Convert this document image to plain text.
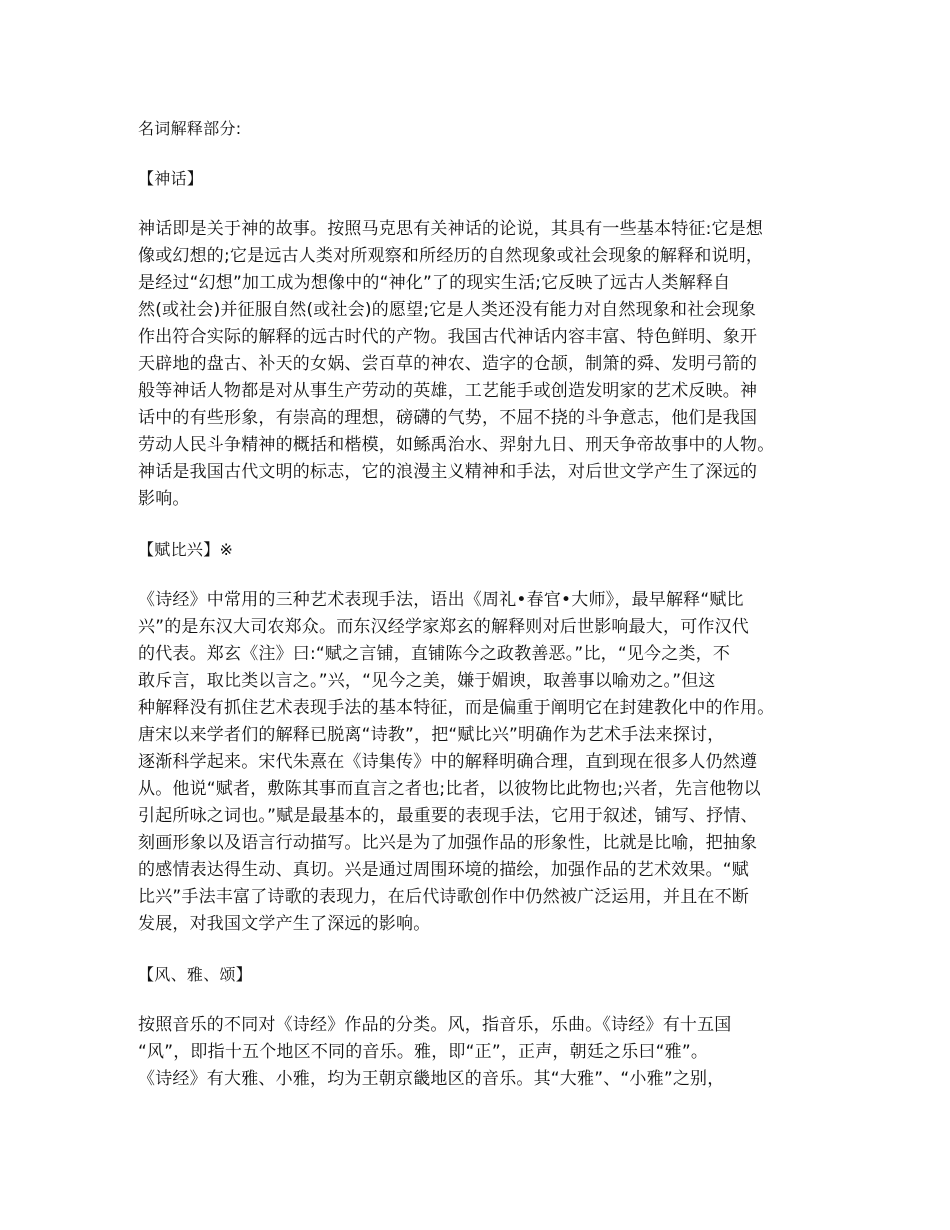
名词解释部分:
【神话】
神话即是关于神的故事。按照马克思有关神话的论说，其具有一些基本特征:它是想
像或幻想的;它是远古人类对所观察和所经历的自然现象或社会现象的解释和说明，
是经过“幻想”加工成为想像中的“神化”了的现实生活;它反映了远古人类解释自
然(或社会)并征服自然(或社会)的愿望;它是人类还没有能力对自然现象和社会现象
作出符合实际的解释的远古时代的产物。我国古代神话内容丰富、特色鲜明、象开
天辟地的盘古、补天的女娲、尝百草的神农、造字的仓颉，制箫的舜、发明弓箭的
般等神话人物都是对从事生产劳动的英雄，工艺能手或创造发明家的艺术反映。神
话中的有些形象，有崇高的理想，磅礴的气势，不屈不挠的斗争意志，他们是我国
劳动人民斗争精神的概括和楷模，如鲧禹治水、羿射九日、刑天争帝故事中的人物。
神话是我国古代文明的标志，它的浪漫主义精神和手法，对后世文学产生了深远的
影响。
【赋比兴】※
《诗经》中常用的三种艺术表现手法，语出《周礼•春官•大师》，最早解释“赋比
兴”的是东汉大司农郑众。而东汉经学家郑玄的解释则对后世影响最大，可作汉代
的代表。郑玄《注》曰:“赋之言铺，直铺陈今之政教善恶。”比，“见今之类，不
敢斥言，取比类以言之。”兴，“见今之美，嫌于媚谀，取善事以喻劝之。”但这
种解释没有抓住艺术表现手法的基本特征，而是偏重于阐明它在封建教化中的作用。
唐宋以来学者们的解释已脱离“诗教”，把“赋比兴”明确作为艺术手法来探讨，
逐渐科学起来。宋代朱熹在《诗集传》中的解释明确合理，直到现在很多人仍然遵
从。他说“赋者，敷陈其事而直言之者也;比者，以彼物比此物也;兴者，先言他物以
引起所咏之词也。”赋是最基本的，最重要的表现手法，它用于叙述，铺写、抒情、
刻画形象以及语言行动描写。比兴是为了加强作品的形象性，比就是比喻，把抽象
的感情表达得生动、真切。兴是通过周围环境的描绘，加强作品的艺术效果。“赋
比兴”手法丰富了诗歌的表现力，在后代诗歌创作中仍然被广泛运用，并且在不断
发展，对我国文学产生了深远的影响。
【风、雅、颂】
按照音乐的不同对《诗经》作品的分类。风，指音乐，乐曲。《诗经》有十五国
“风”，即指十五个地区不同的音乐。雅，即“正”，正声，朝廷之乐曰“雅”。
《诗经》有大雅、小雅，均为王朝京畿地区的音乐。其“大雅”、“小雅”之别，
